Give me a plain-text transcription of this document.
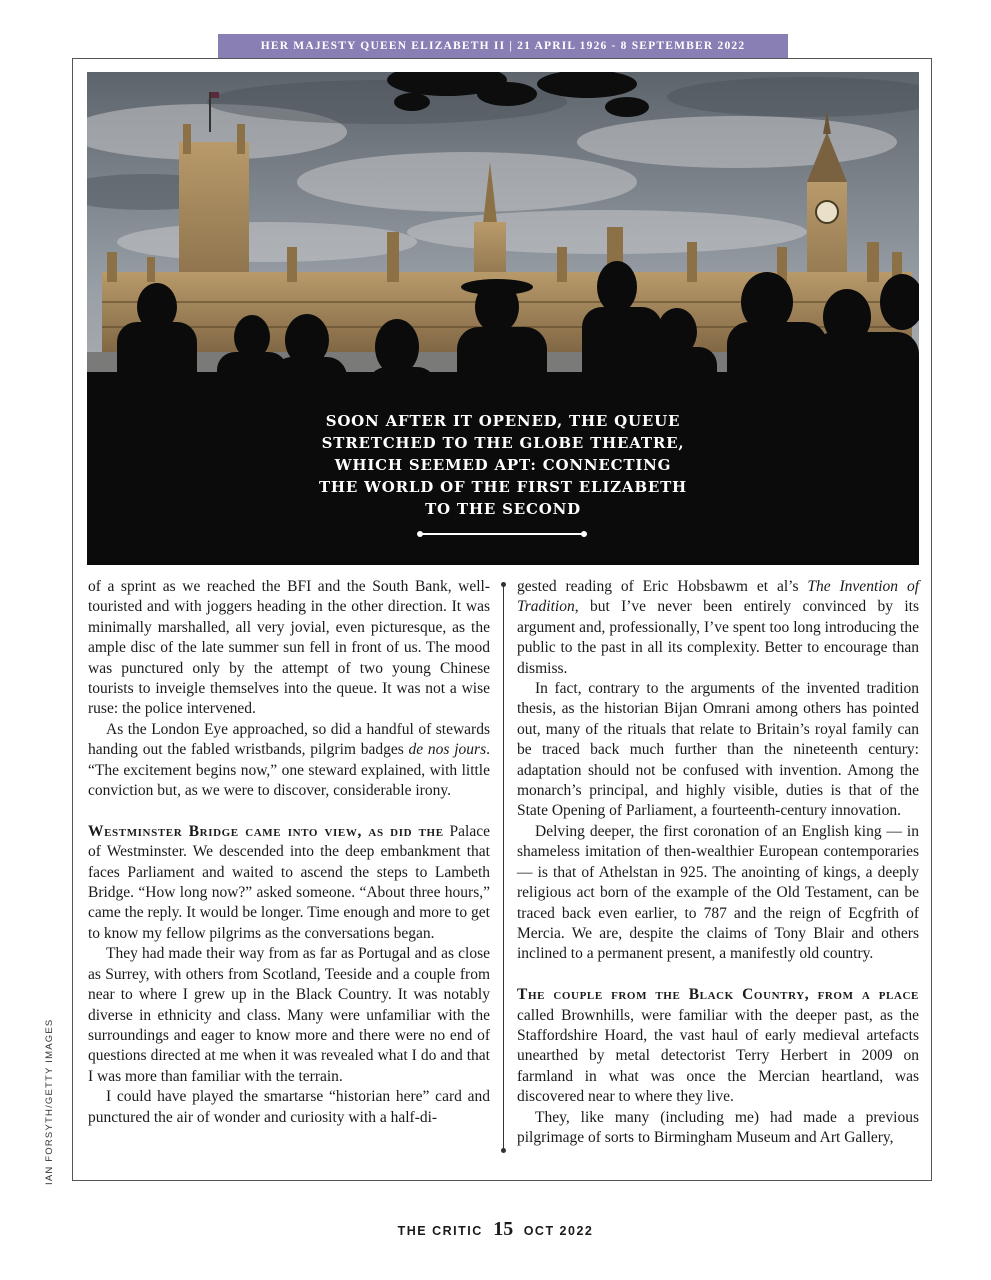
HER MAJESTY QUEEN ELIZABETH II | 21 APRIL 1926 - 8 SEPTEMBER 2022
SOON AFTER IT OPENED, THE QUEUE
STRETCHED TO THE GLOBE THEATRE,
WHICH SEEMED APT: CONNECTING
THE WORLD OF THE FIRST ELIZABETH
TO THE SECOND

of a sprint as we reached the BFI and the South Bank, well-touristed and with joggers heading in the other direction. It was minimally marshalled, all very jovial, even picturesque, as the ample disc of the late summer sun fell in front of us. The mood was punctured only by the attempt of two young Chinese tourists to inveigle themselves into the queue. It was not a wise ruse: the police intervened.

As the London Eye approached, so did a handful of stewards handing out the fabled wristbands, pilgrim badges de nos jours. “The excitement begins now,” one steward explained, with little conviction but, as we were to discover, considerable irony.

Westminster Bridge came into view, as did the Palace of Westminster. We descended into the deep embankment that faces Parliament and waited to ascend the steps to Lambeth Bridge. “How long now?” asked someone. “About three hours,” came the reply. It would be longer. Time enough and more to get to know my fellow pilgrims as the conversations began.

They had made their way from as far as Portugal and as close as Surrey, with others from Scotland, Teeside and a couple from near to where I grew up in the Black Country. It was notably diverse in ethnicity and class. Many were unfamiliar with the surroundings and eager to know more and there were no end of questions directed at me when it was revealed what I do and that I was more than familiar with the terrain.

I could have played the smartarse “historian here” card and punctured the air of wonder and curiosity with a half-di-

gested reading of Eric Hobsbawm et al’s The Invention of Tradition, but I’ve never been entirely convinced by its argument and, professionally, I’ve spent too long introducing the public to the past in all its complexity. Better to encourage than dismiss.

In fact, contrary to the arguments of the invented tradition thesis, as the historian Bijan Omrani among others has pointed out, many of the rituals that relate to Britain’s royal family can be traced back much further than the nineteenth century: adaptation should not be confused with invention. Among the monarch’s principal, and highly visible, duties is that of the State Opening of Parliament, a fourteenth-century innovation.

Delving deeper, the first coronation of an English king — in shameless imitation of then-wealthier European contemporaries — is that of Athelstan in 925. The anointing of kings, a deeply religious act born of the example of the Old Testament, can be traced back even earlier, to 787 and the reign of Ecgfrith of Mercia. We are, despite the claims of Tony Blair and others inclined to a permanent present, a manifestly old country.

The couple from the Black Country, from a place called Brownhills, were familiar with the deeper past, as the Staffordshire Hoard, the vast haul of early medieval artefacts unearthed by metal detectorist Terry Herbert in 2009 on farmland in what was once the Mercian heartland, was discovered near to where they live.

They, like many (including me) had made a previous pilgrimage of sorts to Birmingham Museum and Art Gallery,

IAN FORSYTH/GETTY IMAGES
THE CRITIC 15 OCT 2022
